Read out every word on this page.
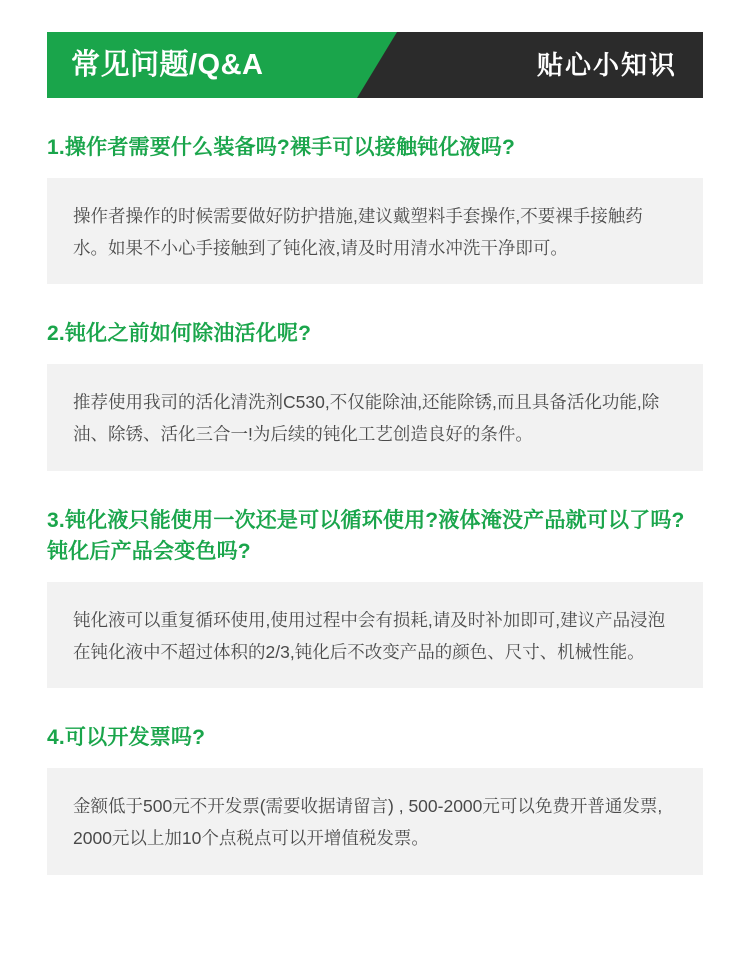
常见问题/Q&A	贴心小知识
1.操作者需要什么装备吗?裸手可以接触钝化液吗?

操作者操作的时候需要做好防护措施,建议戴塑料手套操作,不要裸手接触药水。如果不小心手接触到了钝化液,请及时用清水冲洗干净即可。

2.钝化之前如何除油活化呢?

推荐使用我司的活化清洗剂C530,不仅能除油,还能除锈,而且具备活化功能,除油、除锈、活化三合一!为后续的钝化工艺创造良好的条件。

3.钝化液只能使用一次还是可以循环使用?液体淹没产品就可以了吗?钝化后产品会变色吗?

钝化液可以重复循环使用,使用过程中会有损耗,请及时补加即可,建议产品浸泡在钝化液中不超过体积的2/3,钝化后不改变产品的颜色、尺寸、机械性能。

4.可以开发票吗?

金额低于500元不开发票(需要收据请留言) , 500-2000元可以免费开普通发票, 2000元以上加10个点税点可以开增值税发票。
